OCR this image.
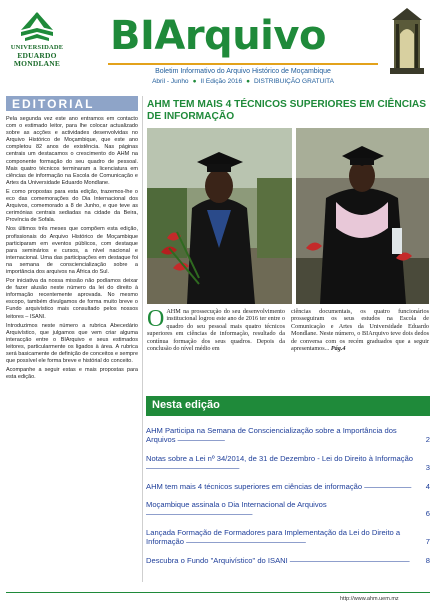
UNIVERSIDADE
EDUARDO
MONDLANE
BIArquivo
Boletim Informativo do Arquivo Histórico de Moçambique
Abril - Junho ● II Edição 2016 ● DISTRIBUIÇÃO GRATUITA
EDITORIAL

Pela segunda vez este ano entramos em contacto com o estimado leitor, para lhe colocar actualizado sobre as acções e actividades desenvolvidas no Arquivo Histórico de Moçambique, que este ano completou 82 anos de existência. Nas páginas centrais um destacamos o crescimento do AHM na componente formação do seu quadro de pessoal. Mais quatro técnicos terminaram a licenciatura em ciências de informação na Escola de Comunicação e Artes da Universidade Eduardo Mondlane.

E como propostas para esta edição, trazemos-lhe o eco das comemorações do Dia Internacional dos Arquivos, comemorado a 8 de Junho, e que teve as cerimónias centrais sediadas na cidade da Beira, Província de Sofala.

Nos últimos três meses que compõem esta edição, profissionais do Arquivo Histórico de Moçambique participaram em eventos públicos, com destaque para seminários e cursos, a nível nacional e internacional. Uma das participações em destaque foi na semana de consciencialização sobre a importância dos arquivos na África do Sul.

Por iniciativa da nossa missão não podíamos deixar de fazer alusão neste número da lei do direito à informação recentemente aprovada. No mesmo escopo, também divulgamos de forma muito breve o Fundo arquivístico mais consultado pelos nossos leitores – ISANI.

Introduzimos neste número a rubrica Abecedário Arquivístico, que julgamos que vem criar alguma interacção entre o BIArquivo e seus estimados leitores, particularmente os ligados à área. A rubrica será basicamente de definição de conceitos e sempre que possível ele forma breve e histórial do conceito.

Acompanhe a seguir estas e mais propostas para esta edição.

AHM TEM MAIS 4 TÉCNICOS SUPERIORES EM CIÊNCIAS DE INFORMAÇÃO
OAHM na prossecução do seu desenvolvimento institucional logrou este ano de 2016 ter entre o quadro do seu pessoal mais quatro técnicos superiores em ciências de informação, resultado da contínua formação dos seus quadros. Depois da conclusão do nível médio em
ciências documentais, os quatro funcionários prosseguiram os seus estudos na Escola de Comunicação e Artes da Universidade Eduardo Mondlane. Neste número, o BIArquivo teve dois dedos de conversa com os recém graduados que a seguir apresentamos... Pág.4
Nesta edição
AHM Participa na Semana de Consciencialização sobre a Importância dos Arquivos ———————	2
Notas sobre a Lei nº 34/2014, de 31 de Dezembro - Lei do Direito à Informação ——————————————	3
AHM tem mais 4 técnicos superiores em ciências de informação ——————— 4
Moçambique assinala o Dia Internacional de Arquivos ————————————————	6
Lançada Formação de Formadores para Implementação da Lei do Direito a Informação ——————————————————	7
Descubra o Fundo "Arquivístico" do ISANI —————————————————— 8
http://www.ahm.uem.mz
